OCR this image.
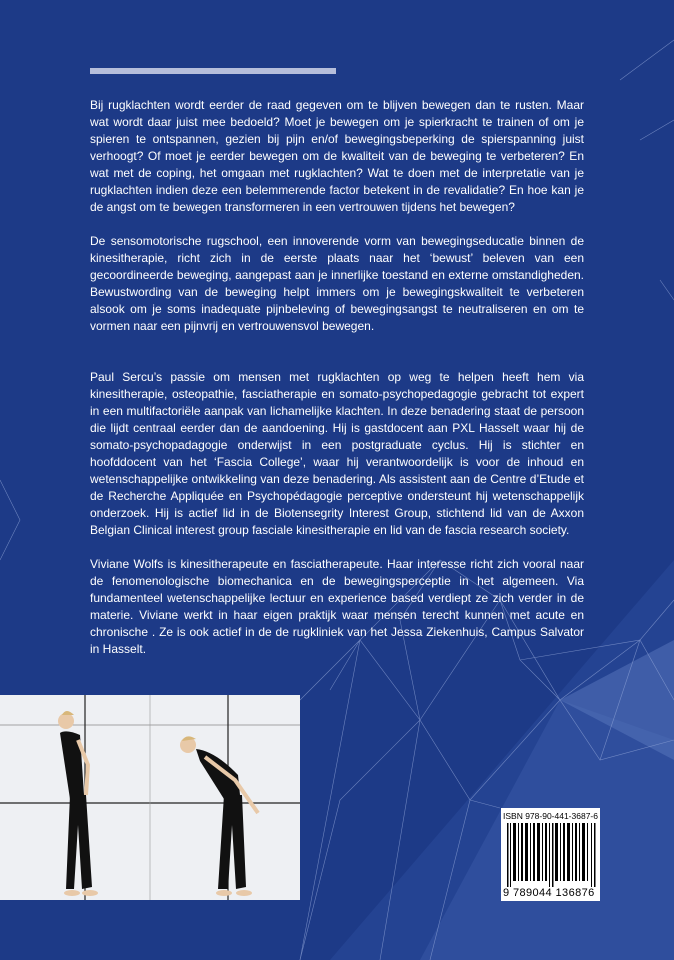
Bij rugklachten wordt eerder de raad gegeven om te blijven bewegen dan te rusten. Maar wat wordt daar juist mee bedoeld? Moet je bewegen om je spierkracht te trainen of om je spieren te ontspannen, gezien bij pijn en/of bewegingsbeperking de spierspanning juist verhoogt? Of moet je eerder bewegen om de kwaliteit van de beweging te verbeteren? En wat met de coping, het omgaan met rugklachten? Wat te doen met de interpretatie van je rugklachten indien deze een belemmerende factor betekent in de revalidatie? En hoe kan je de angst om te bewegen transformeren in een vertrouwen tijdens het bewegen?

De sensomotorische rugschool, een innoverende vorm van bewegingseducatie binnen de kinesitherapie, richt zich in de eerste plaats naar het ‘bewust’ beleven van een gecoordineerde beweging, aangepast aan je innerlijke toestand en externe omstandigheden. Bewustwording van de beweging helpt immers om je bewegingskwaliteit te verbeteren alsook om je soms inadequate pijnbeleving of bewegingsangst te neutraliseren en om te vormen naar een pijnvrij en vertrouwensvol bewegen.

Paul Sercu’s passie om mensen met rugklachten op weg te helpen heeft hem via kinesitherapie, osteopathie, fasciatherapie en somato-psychopedagogie gebracht tot expert in een multifactoriële aanpak van lichamelijke klachten. In deze benadering staat de persoon die lijdt centraal eerder dan de aandoening. Hij is gastdocent aan PXL Hasselt waar hij de somato-psychopadagogie onderwijst in een postgraduate cyclus. Hij is stichter en hoofddocent van het ‘Fascia College’, waar hij verantwoordelijk is voor de inhoud en wetenschappelijke ontwikkeling van deze benadering. Als assistent aan de Centre d’Etude et de Recherche Appliquée en Psychopédagogie perceptive ondersteunt hij wetenschappelijk onderzoek. Hij is actief lid in de Biotensegrity Interest Group, stichtend lid van de Axxon Belgian Clinical interest group fasciale kinesitherapie en lid van de fascia research society.

Viviane Wolfs is kinesitherapeute en fasciatherapeute. Haar interesse richt zich vooral naar de fenomenologische biomechanica en de bewegingsperceptie in het algemeen. Via fundamenteel wetenschappelijke lectuur en experience based verdiept ze zich verder in de materie. Viviane werkt in haar eigen praktijk waar mensen terecht kunnen met acute en chronische . Ze is ook actief in de de rugkliniek van het Jessa Ziekenhuis, Campus Salvator in Hasselt.

ISBN 978-90-441-3687-6
9 789044 136876
